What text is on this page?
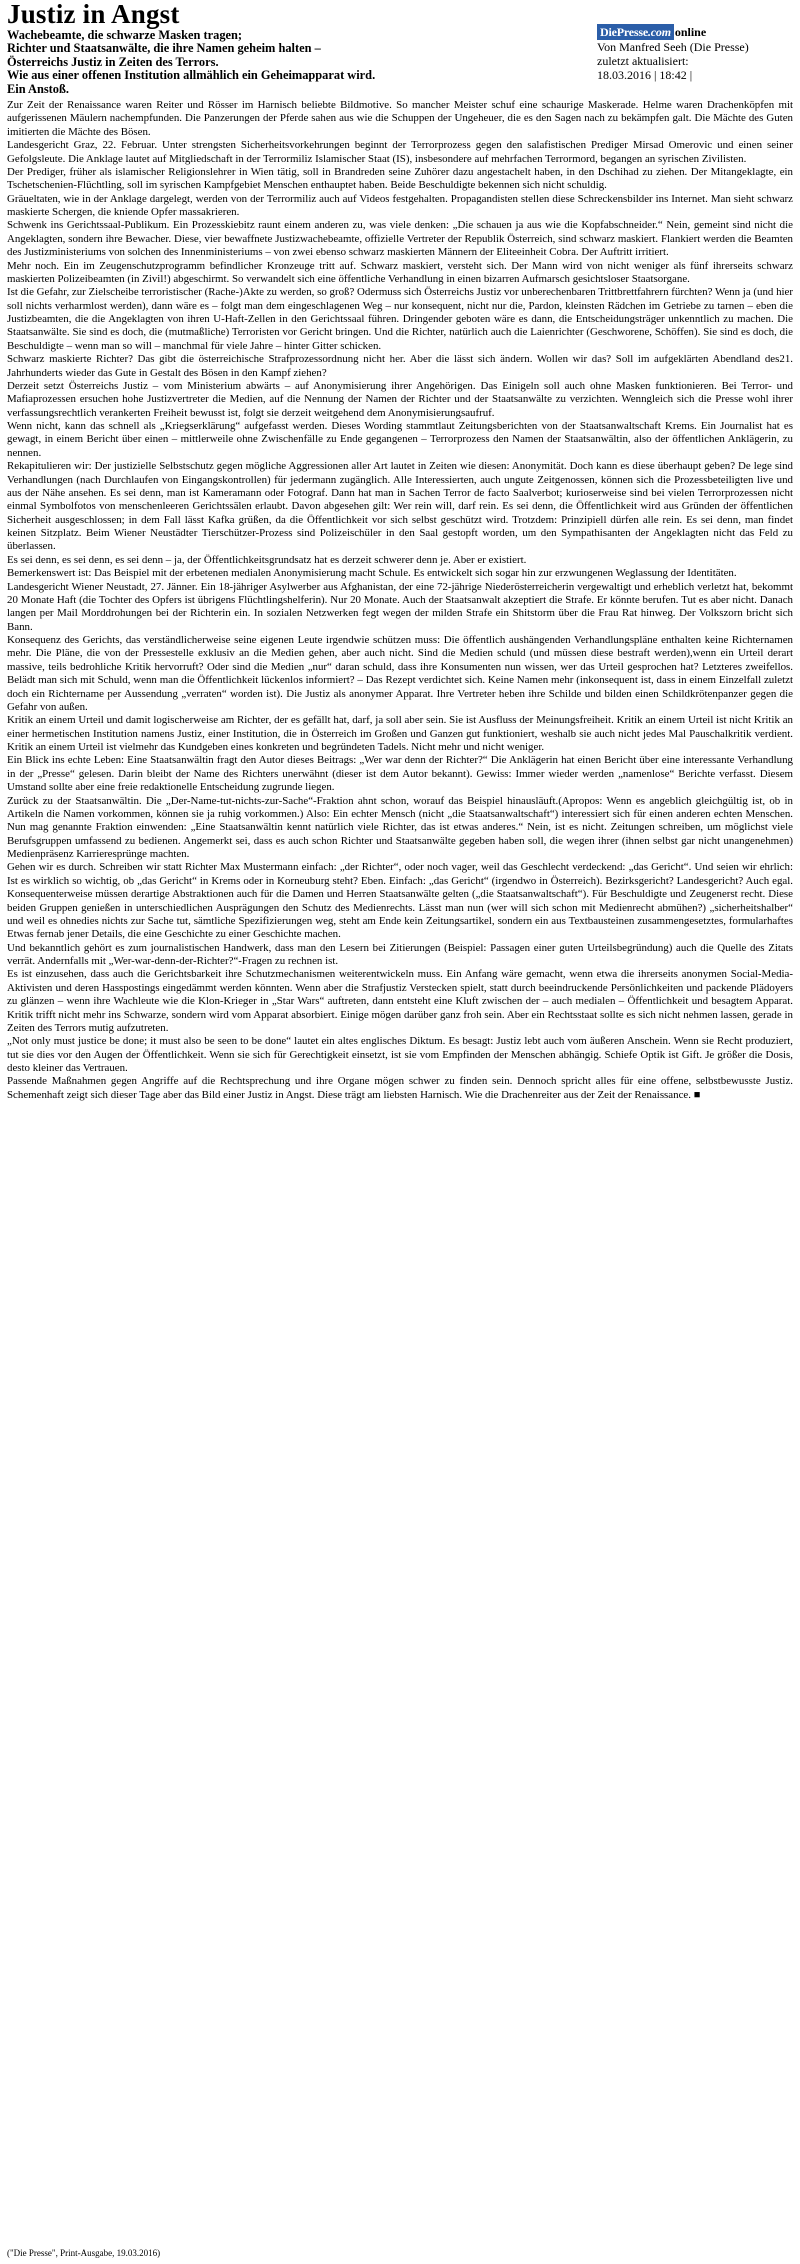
Justiz in Angst
Wachebeamte, die schwarze Masken tragen;
Richter und Staatsanwälte, die ihre Namen geheim halten –
Österreichs Justiz in Zeiten des Terrors.
Wie aus einer offenen Institution allmählich ein Geheimapparat wird.
Ein Anstoß.
DiePresse.com online
Von Manfred Seeh (Die Presse)
zuletzt aktualisiert:
18.03.2016 | 18:42 |

Zur Zeit der Renaissance waren Reiter und Rösser im Harnisch beliebte Bildmotive. So mancher Meister schuf eine schaurige Maskerade. Helme waren Drachenköpfen mit aufgerissenen Mäulern nachempfunden. Die Panzerungen der Pferde sahen aus wie die Schuppen der Ungeheuer, die es den Sagen nach zu bekämpfen galt. Die Mächte des Guten imitierten die Mächte des Bösen.

Landesgericht Graz, 22. Februar. Unter strengsten Sicherheitsvorkehrungen beginnt der Terrorprozess gegen den salafistischen Prediger Mirsad Omerovic und einen seiner Gefolgsleute. Die Anklage lautet auf Mitgliedschaft in der Terrormiliz Islamischer Staat (IS), insbesondere auf mehrfachen Terrormord, begangen an syrischen Zivilisten.

Der Prediger, früher als islamischer Religionslehrer in Wien tätig, soll in Brandreden seine Zuhörer dazu angestachelt haben, in den Dschihad zu ziehen. Der Mitangeklagte, ein Tschetschenien-Flüchtling, soll im syrischen Kampfgebiet Menschen enthauptet haben. Beide Beschuldigte bekennen sich nicht schuldig.

Gräueltaten, wie in der Anklage dargelegt, werden von der Terrormiliz auch auf Videos festgehalten. Propagandisten stellen diese Schreckensbilder ins Internet. Man sieht schwarz maskierte Schergen, die kniende Opfer massakrieren.

Schwenk ins Gerichtssaal-Publikum. Ein Prozesskiebitz raunt einem anderen zu, was viele denken: „Die schauen ja aus wie die Kopfabschneider.“ Nein, gemeint sind nicht die Angeklagten, sondern ihre Bewacher. Diese, vier bewaffnete Justizwachebeamte, offizielle Vertreter der Republik Österreich, sind schwarz maskiert. Flankiert werden die Beamten des Justizministeriums von solchen des Innenministeriums – von zwei ebenso schwarz maskierten Männern der Eliteeinheit Cobra. Der Auftritt irritiert.

Mehr noch. Ein im Zeugenschutzprogramm befindlicher Kronzeuge tritt auf. Schwarz maskiert, versteht sich. Der Mann wird von nicht weniger als fünf ihrerseits schwarz maskierten Polizeibeamten (in Zivil!) abgeschirmt. So verwandelt sich eine öffentliche Verhandlung in einen bizarren Aufmarsch gesichtsloser Staatsorgane.

Ist die Gefahr, zur Zielscheibe terroristischer (Rache-)Akte zu werden, so groß? Odermuss sich Österreichs Justiz vor unberechenbaren Trittbrettfahrern fürchten? Wenn ja (und hier soll nichts verharmlost werden), dann wäre es – folgt man dem eingeschlagenen Weg – nur konsequent, nicht nur die, Pardon, kleinsten Rädchen im Getriebe zu tarnen – eben die Justizbeamten, die die Angeklagten von ihren U-Haft-Zellen in den Gerichtssaal führen. Dringender geboten wäre es dann, die Entscheidungsträger unkenntlich zu machen. Die Staatsanwälte. Sie sind es doch, die (mutmaßliche) Terroristen vor Gericht bringen. Und die Richter, natürlich auch die Laienrichter (Geschworene, Schöffen). Sie sind es doch, die Beschuldigte – wenn man so will – manchmal für viele Jahre – hinter Gitter schicken.

Schwarz maskierte Richter? Das gibt die österreichische Strafprozessordnung nicht her. Aber die lässt sich ändern. Wollen wir das? Soll im aufgeklärten Abendland des21. Jahrhunderts wieder das Gute in Gestalt des Bösen in den Kampf ziehen?

Derzeit setzt Österreichs Justiz – vom Ministerium abwärts – auf Anonymisierung ihrer Angehörigen. Das Einigeln soll auch ohne Masken funktionieren. Bei Terror- und Mafiaprozessen ersuchen hohe Justizvertreter die Medien, auf die Nennung der Namen der Richter und der Staatsanwälte zu verzichten. Wenngleich sich die Presse wohl ihrer verfassungsrechtlich verankerten Freiheit bewusst ist, folgt sie derzeit weitgehend dem Anonymisierungsaufruf.

Wenn nicht, kann das schnell als „Kriegserklärung“ aufgefasst werden. Dieses Wording stammtlaut Zeitungsberichten von der Staatsanwaltschaft Krems. Ein Journalist hat es gewagt, in einem Bericht über einen – mittlerweile ohne Zwischenfälle zu Ende gegangenen – Terrorprozess den Namen der Staatsanwältin, also der öffentlichen Anklägerin, zu nennen.

Rekapitulieren wir: Der justizielle Selbstschutz gegen mögliche Aggressionen aller Art lautet in Zeiten wie diesen: Anonymität. Doch kann es diese überhaupt geben? De lege sind Verhandlungen (nach Durchlaufen von Eingangskontrollen) für jedermann zugänglich. Alle Interessierten, auch ungute Zeitgenossen, können sich die Prozessbeteiligten live und aus der Nähe ansehen. Es sei denn, man ist Kameramann oder Fotograf. Dann hat man in Sachen Terror de facto Saalverbot; kurioserweise sind bei vielen Terrorprozessen nicht einmal Symbolfotos von menschenleeren Gerichtssälen erlaubt. Davon abgesehen gilt: Wer rein will, darf rein. Es sei denn, die Öffentlichkeit wird aus Gründen der öffentlichen Sicherheit ausgeschlossen; in dem Fall lässt Kafka grüßen, da die Öffentlichkeit vor sich selbst geschützt wird. Trotzdem: Prinzipiell dürfen alle rein. Es sei denn, man findet keinen Sitzplatz. Beim Wiener Neustädter Tierschützer-Prozess sind Polizeischüler in den Saal gestopft worden, um den Sympathisanten der Angeklagten nicht das Feld zu überlassen.

Es sei denn, es sei denn, es sei denn – ja, der Öffentlichkeitsgrundsatz hat es derzeit schwerer denn je. Aber er existiert.

Bemerkenswert ist: Das Beispiel mit der erbetenen medialen Anonymisierung macht Schule. Es entwickelt sich sogar hin zur erzwungenen Weglassung der Identitäten.

Landesgericht Wiener Neustadt, 27. Jänner. Ein 18-jähriger Asylwerber aus Afghanistan, der eine 72-jährige Niederösterreicherin vergewaltigt und erheblich verletzt hat, bekommt 20 Monate Haft (die Tochter des Opfers ist übrigens Flüchtlingshelferin). Nur 20 Monate. Auch der Staatsanwalt akzeptiert die Strafe. Er könnte berufen. Tut es aber nicht. Danach langen per Mail Morddrohungen bei der Richterin ein. In sozialen Netzwerken fegt wegen der milden Strafe ein Shitstorm über die Frau Rat hinweg. Der Volkszorn bricht sich Bann.

Konsequenz des Gerichts, das verständlicherweise seine eigenen Leute irgendwie schützen muss: Die öffentlich aushängenden Verhandlungspläne enthalten keine Richternamen mehr. Die Pläne, die von der Pressestelle exklusiv an die Medien gehen, aber auch nicht. Sind die Medien schuld (und müssen diese bestraft werden),wenn ein Urteil derart massive, teils bedrohliche Kritik hervorruft? Oder sind die Medien „nur“ daran schuld, dass ihre Konsumenten nun wissen, wer das Urteil gesprochen hat? Letzteres zweifellos. Belädt man sich mit Schuld, wenn man die Öffentlichkeit lückenlos informiert? – Das Rezept verdichtet sich. Keine Namen mehr (inkonsequent ist, dass in einem Einzelfall zuletzt doch ein Richtername per Aussendung „verraten“ worden ist). Die Justiz als anonymer Apparat. Ihre Vertreter heben ihre Schilde und bilden einen Schildkrötenpanzer gegen die Gefahr von außen.

Kritik an einem Urteil und damit logischerweise am Richter, der es gefällt hat, darf, ja soll aber sein. Sie ist Ausfluss der Meinungsfreiheit. Kritik an einem Urteil ist nicht Kritik an einer hermetischen Institution namens Justiz, einer Institution, die in Österreich im Großen und Ganzen gut funktioniert, weshalb sie auch nicht jedes Mal Pauschalkritik verdient. Kritik an einem Urteil ist vielmehr das Kundgeben eines konkreten und begründeten Tadels. Nicht mehr und nicht weniger.

Ein Blick ins echte Leben: Eine Staatsanwältin fragt den Autor dieses Beitrags: „Wer war denn der Richter?“ Die Anklägerin hat einen Bericht über eine interessante Verhandlung in der „Presse“ gelesen. Darin bleibt der Name des Richters unerwähnt (dieser ist dem Autor bekannt). Gewiss: Immer wieder werden „namenlose“ Berichte verfasst. Diesem Umstand sollte aber eine freie redaktionelle Entscheidung zugrunde liegen.

Zurück zu der Staatsanwältin. Die „Der-Name-tut-nichts-zur-Sache“-Fraktion ahnt schon, worauf das Beispiel hinausläuft.(Apropos: Wenn es angeblich gleichgültig ist, ob in Artikeln die Namen vorkommen, können sie ja ruhig vorkommen.) Also: Ein echter Mensch (nicht „die Staatsanwaltschaft“) interessiert sich für einen anderen echten Menschen. Nun mag genannte Fraktion einwenden: „Eine Staatsanwältin kennt natürlich viele Richter, das ist etwas anderes.“ Nein, ist es nicht. Zeitungen schreiben, um möglichst viele Berufsgruppen umfassend zu bedienen. Angemerkt sei, dass es auch schon Richter und Staatsanwälte gegeben haben soll, die wegen ihrer (ihnen selbst gar nicht unangenehmen) Medienpräsenz Karrieresprünge machten.

Gehen wir es durch. Schreiben wir statt Richter Max Mustermann einfach: „der Richter“, oder noch vager, weil das Geschlecht verdeckend: „das Gericht“. Und seien wir ehrlich: Ist es wirklich so wichtig, ob „das Gericht“ in Krems oder in Korneuburg steht? Eben. Einfach: „das Gericht“ (irgendwo in Österreich). Bezirksgericht? Landesgericht? Auch egal. Konsequenterweise müssen derartige Abstraktionen auch für die Damen und Herren Staatsanwälte gelten („die Staatsanwaltschaft“). Für Beschuldigte und Zeugenerst recht. Diese beiden Gruppen genießen in unterschiedlichen Ausprägungen den Schutz des Medienrechts. Lässt man nun (wer will sich schon mit Medienrecht abmühen?) „sicherheitshalber“ und weil es ohnedies nichts zur Sache tut, sämtliche Spezifizierungen weg, steht am Ende kein Zeitungsartikel, sondern ein aus Textbausteinen zusammengesetztes, formularhaftes Etwas fernab jener Details, die eine Geschichte zu einer Geschichte machen.

Und bekanntlich gehört es zum journalistischen Handwerk, dass man den Lesern bei Zitierungen (Beispiel: Passagen einer guten Urteilsbegründung) auch die Quelle des Zitats verrät. Andernfalls mit „Wer-war-denn-der-Richter?“-Fragen zu rechnen ist.

Es ist einzusehen, dass auch die Gerichtsbarkeit ihre Schutzmechanismen weiterentwickeln muss. Ein Anfang wäre gemacht, wenn etwa die ihrerseits anonymen Social-Media-Aktivisten und deren Hasspostings eingedämmt werden könnten. Wenn aber die Strafjustiz Verstecken spielt, statt durch beeindruckende Persönlichkeiten und packende Plädoyers zu glänzen – wenn ihre Wachleute wie die Klon-Krieger in „Star Wars“ auftreten, dann entsteht eine Kluft zwischen der – auch medialen – Öffentlichkeit und besagtem Apparat. Kritik trifft nicht mehr ins Schwarze, sondern wird vom Apparat absorbiert. Einige mögen darüber ganz froh sein. Aber ein Rechtsstaat sollte es sich nicht nehmen lassen, gerade in Zeiten des Terrors mutig aufzutreten.

„Not only must justice be done; it must also be seen to be done“ lautet ein altes englisches Diktum. Es besagt: Justiz lebt auch vom äußeren Anschein. Wenn sie Recht produziert, tut sie dies vor den Augen der Öffentlichkeit. Wenn sie sich für Gerechtigkeit einsetzt, ist sie vom Empfinden der Menschen abhängig. Schiefe Optik ist Gift. Je größer die Dosis, desto kleiner das Vertrauen.

Passende Maßnahmen gegen Angriffe auf die Rechtsprechung und ihre Organe mögen schwer zu finden sein. Dennoch spricht alles für eine offene, selbstbewusste Justiz. Schemenhaft zeigt sich dieser Tage aber das Bild einer Justiz in Angst. Diese trägt am liebsten Harnisch. Wie die Drachenreiter aus der Zeit der Renaissance. ■

("Die Presse", Print-Ausgabe, 19.03.2016)
